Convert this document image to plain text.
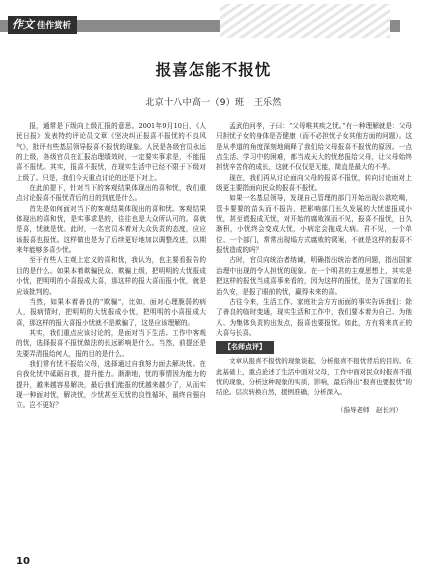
作文 佳作赏析
报喜怎能不报忧
北京十八中高一（9）班　王乐然

报，通常是下级向上级汇报的意思。2001年9月10日，《人民日报》发表特约评论员文章《坚决纠正报喜不报忧的不良风气》，批评有些基层领导报喜不报忧的现象。人民是各级官员永远的上级，各级官员在汇报治理绩效时，一定要实事求是，不能报喜不报忧。其实，报喜不报忧，在现实生活中已经不限于下级对上级了。只是，我们今天重点讨论的还是下对上。

在此前提下，针对当下的客观结果体现出的喜和忧，我们重点讨论报喜不报忧背后的目的到底是什么。

首先是如何面对当下的客观结果体现出的喜和忧。客观结果体现出的喜和忧，是实事求是的，往往也是大众所认可的。喜就是喜，忧就是忧。此时，一名官员本着对大众负责的态度，应应该报喜也报忧。这样做也是为了后续更好地加以调整改进，以期来年能够多喜少忧。

至于有些人主观上定义的喜和忧，我认为，也主要看报告的目的是什么。如果本着欺骗民众、欺骗上级，把明明的大忧报成小忧，把明明的小喜报成大喜，那这样的报大喜而报小忧，就是应该批判的。

当然，如果本着善良的“欺骗”，比如，面对心理脆弱的病人，报病情时，把明明的大忧报成小忧，把明明的小喜报成大喜，那这样的报大喜报小忧就不是欺骗了，这是应该理解的。

其实，我们重点应该讨论的，是面对当下生活、工作中客观的忧，选择报喜不报忧做法的长远影响是什么。当然，前提还是先要弄清报给何人，报的目的是什么。

我们常有忧不报给父母，选择通过自我努力面去解决忧。在自我化忧中砥砺自我，提升能力。渐渐地，忧的事情因为能力的提升，越来越容易解决，最后我们能报的忧越来越少了，从而实现一种面对忧，解决忧，少忧甚至无忧的良性循环，最终自强自立。岂不更好？

孟武伯问孝，子曰：“父母唯其疾之忧。”有一种理解就是：父母只担忧子女的身体是否健康（而不必担忧子女其他方面的问题）。这是从孝道的角度深刻地阐释了我们给父母报喜不报忧的原因。一点点生活、学习中的困难，都当成天大的忧愁报给父母，让父母始终担忧辛苦你的成长，这就不仅仅是无能，简直是最大的不孝。

现在，我们再从讨论面向父母的报喜不报忧，转向讨论面对上级更主要指面向民众的报喜不报忧。

如果一名基层领导，发现自己管理的部门开始出现公款吃喝，管卡要要的苗头而不报告，把影响部门长久发展的大忧虚报成小忧，甚至谎报成无忧，对开始的腐败视而不见，报喜不报忧，日久渐积，小忧终会变成大忧，小病定会拖成大病。君不见，一个单位、一个部门，常常出现塌方式腐败的窝案，不就是这样的报喜不报忧造成的吗？

古时，官员向统治者纳谏，明确指出统治者的问题，指出国家治理中出现的令人担忧的现象。在一个明君的主观思想上，其实是把这样的报忧当成喜事来看的，因为这样的报忧，是为了国家的长治久安，是报了眼前的忧，赢得未来的喜。

古往今来，生活工作、家庭社会方方面面的事实告诉我们：除了善良的临时变通，现实生活和工作中，我们要本着为自己、为他人、为集体负责的出发点，报喜也要报忧。如此，方有将来真正的大喜与长喜。

【名师点评】

文章从报喜不报忧的现象谈起，分析报喜不报忧背后的目的。在此基础上，重点论述了生活中面对父母，工作中面对民众时报喜不报忧的现象，分析这种现象的实质，影响，最后得出“报喜也要报忧”的结论。层次转换自然，援例准确，分析深入。

（指导老师　赵长河）
10
